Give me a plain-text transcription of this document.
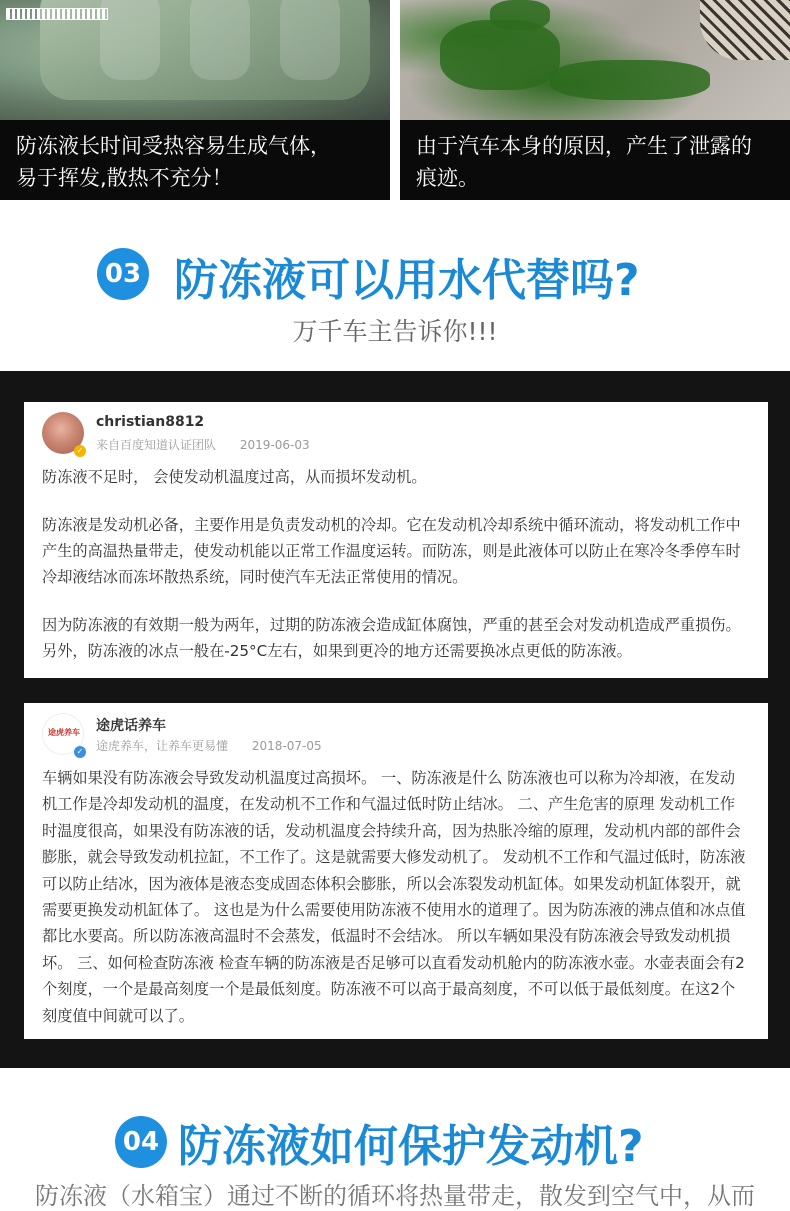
防冻液长时间受热容易生成气体，
易于挥发,散热不充分！
由于汽车本身的原因，产生了泄露的
痕迹。
03 防冻液可以用水代替吗?
万千车主告诉你!!!
✓
christian8812
来自百度知道认证团队 2019-06-03

防冻液不足时， 会使发动机温度过高，从而损坏发动机。

防冻液是发动机必备，主要作用是负责发动机的冷却。它在发动机冷却系统中循环流动，将发动机工作中产生的高温热量带走，使发动机能以正常工作温度运转。而防冻，则是此液体可以防止在寒冷冬季停车时冷却液结冰而冻坏散热系统，同时使汽车无法正常使用的情况。

因为防冻液的有效期一般为两年，过期的防冻液会造成缸体腐蚀，严重的甚至会对发动机造成严重损伤。另外，防冻液的冰点一般在-25°C左右，如果到更冷的地方还需要换冰点更低的防冻液。

途虎养车
✓
途虎话养车
途虎养车，让养车更易懂 2018-07-05

车辆如果没有防冻液会导致发动机温度过高损坏。 一、防冻液是什么 防冻液也可以称为冷却液，在发动机工作是冷却发动机的温度，在发动机不工作和气温过低时防止结冰。 二、产生危害的原理 发动机工作时温度很高，如果没有防冻液的话，发动机温度会持续升高，因为热胀冷缩的原理，发动机内部的部件会膨胀，就会导致发动机拉缸，不工作了。这是就需要大修发动机了。 发动机不工作和气温过低时，防冻液可以防止结冰，因为液体是液态变成固态体积会膨胀，所以会冻裂发动机缸体。如果发动机缸体裂开，就需要更换发动机缸体了。 这也是为什么需要使用防冻液不使用水的道理了。因为防冻液的沸点值和冰点值都比水要高。所以防冻液高温时不会蒸发，低温时不会结冰。 所以车辆如果没有防冻液会导致发动机损坏。 三、如何检查防冻液 检查车辆的防冻液是否足够可以直看发动机舱内的防冻液水壶。水壶表面会有2个刻度，一个是最高刻度一个是最低刻度。防冻液不可以高于最高刻度，不可以低于最低刻度。在这2个刻度值中间就可以了。

04 防冻液如何保护发动机?
防冻液（水箱宝）通过不断的循环将热量带走，散发到空气中，从而
